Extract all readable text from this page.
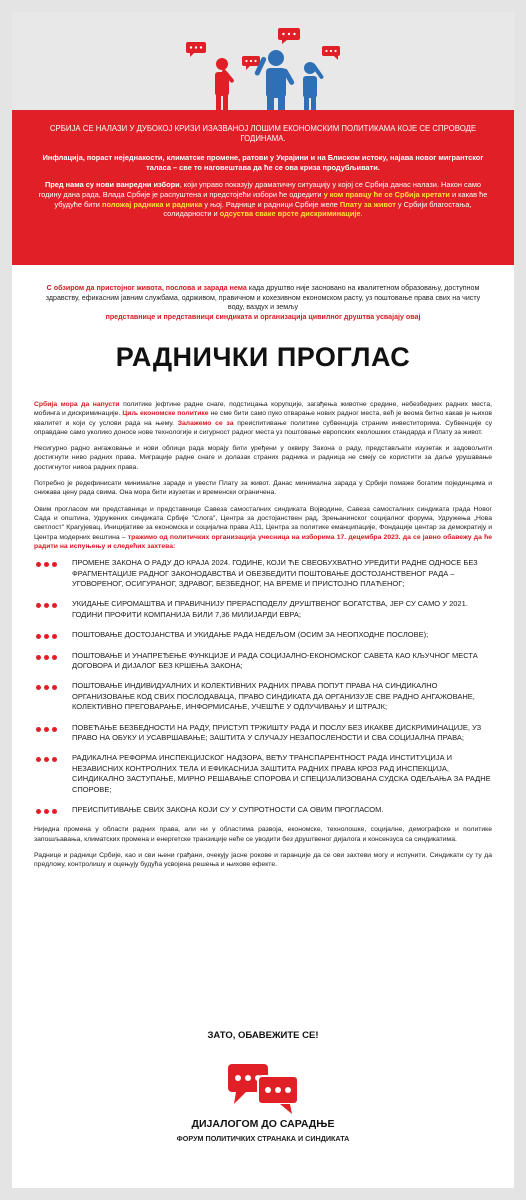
СРБИЈА СЕ НАЛАЗИ У ДУБОКОЈ КРИЗИ ИЗАЗВАНОЈ ЛОШИМ ЕКОНОМСКИМ ПОЛИТИКАМА КОЈЕ СЕ СПРОВОДЕ ГОДИНАМА.

Инфлација, пораст неједнакости, климатске промене, ратови у Украјини и на Блиском истоку, најава новог мигрантског таласа – све то наговештава да ће се ова криза продубљивати.

Пред нама су нови ванредни избори, који управо показују драматичну ситуацију у којој се Србија данас налази. Након само годину дана рада, Влада Србије је распуштена и предстојећи избори ће одредити у ком правцу ће се Србија кретати и какав ће убудуће бити положај радника и радника у њој. Раднице и радници Србије желе Плату за живот у Србији благостања, солидарности и одсуства сваке врсте дискриминације.

С обзиром да пристојног живота, послова и зарада нема када друштво није засновано на квалитетном образовању, доступном здравству, ефикасним јавним службама, одрживом, правичном и кохезивном економском расту, уз поштовање права свих на чисту воду, ваздух и земљу
представнице и представници синдиката и организација цивилног друштва усвајају овај
РАДНИЧКИ ПРОГЛАС

Србија мора да напусти политике јефтине радне снаге, подстицања корупције, загађења животне средине, небезбедних радних места, мобинга и дискриминације. Циљ економске политике не сме бити само пуко отварање нових радног места, већ је веома битно какав је њихов квалитет и који су услови рада на њему. Залажемо се за преиспитивање политике субвенција страним инвеститорима. Субвенције су оправдане само уколико доносе нове технологије и сигурност радног места уз поштовање европских еколошких стандарда и Плату за живот.

Несигурно радно ангажовање и нови облици рада морају бити уређени у оквиру Закона о раду, представљати изузетак и задовољити достигнути ниво радних права. Миграције радне снаге и долазак страних радника и радница не смеју се користити за даље урушавање достигнутог нивоа радних права.

Потребно је редефинисати минималне зараде и увести Плату за живот. Данас минимална зарада у Србији помаже богатим појединцима и снижава цену рада свима. Она мора бити изузетак и временски ограничена.

Овим прогласом ми представници и представнице Савеза самосталних синдиката Војводине, Савеза самосталних синдиката града Новог Сада и општина, Удружених синдиката Србије "Слога", Центра за достојанствен рад, Зрењанинског социјалног форума, Удружења „Нова светлост" Крагујевац, Иницијативе за економска и социјална права А11, Центра за политике еманципације, Фондације центар за демократију и Центра модерних вештина – тражимо од политичких организација учесница на изборима 17. децембра 2023. да се јавно обавежу да ће радити на испуњењу и следећих захтева:

ПРОМЕНЕ ЗАКОНА О РАДУ ДО КРАЈА 2024. ГОДИНЕ, КОЈИ ЋЕ СВЕОБУХВАТНО УРЕДИТИ РАДНЕ ОДНОСЕ БЕЗ ФРАГМЕНТАЦИЈЕ РАДНОГ ЗАКОНОДАВСТВА И ОБЕЗБЕДИТИ ПОШТОВАЊЕ ДОСТОЈАНСТВЕНОГ РАДА – УГОВОРЕНОГ, ОСИГУРАНОГ, ЗДРАВОГ, БЕЗБЕДНОГ, НА ВРЕМЕ И ПРИСТОЈНО ПЛАЋЕНОГ;
УКИДАЊЕ СИРОМАШТВА И ПРАВИЧНИЈУ ПРЕРАСПОДЕЛУ ДРУШТВЕНОГ БОГАТСТВА, ЈЕР СУ САМО У 2021. ГОДИНИ ПРОФИТИ КОМПАНИЈА БИЛИ 7,36 МИЛИЈАРДИ ЕВРА;
ПОШТОВАЊЕ ДОСТОЈАНСТВА И УКИДАЊЕ РАДА НЕДЕЉОМ (ОСИМ ЗА НЕОПХОДНЕ ПОСЛОВЕ);
ПОШТОВАЊЕ И УНАПРЕЂЕЊЕ ФУНКЦИЈЕ И РАДА СОЦИЈАЛНО-ЕКОНОМСКОГ САВЕТА КАО КЉУЧНОГ МЕСТА ДОГОВОРА И ДИЈАЛОГ БЕЗ КРШЕЊА ЗАКОНА;
ПОШТОВАЊЕ ИНДИВИДУАЛНИХ И КОЛЕКТИВНИХ РАДНИХ ПРАВА ПОПУТ ПРАВА НА СИНДИКАЛНО ОРГАНИЗОВАЊЕ КОД СВИХ ПОСЛОДАВАЦА, ПРАВО СИНДИКАТА ДА ОРГАНИЗУЈЕ СВЕ РАДНО АНГАЖОВАНЕ, КОЛЕКТИВНО ПРЕГОВАРАЊЕ, ИНФОРМИСАЊЕ, УЧЕШЋЕ У ОДЛУЧИВАЊУ И ШТРАЈК;
ПОВЕЋАЊЕ БЕЗБЕДНОСТИ НА РАДУ, ПРИСТУП ТРЖИШТУ РАДА И ПОСЛУ БЕЗ ИКАКВЕ ДИСКРИМИНАЦИЈЕ, УЗ ПРАВО НА ОБУКУ И УСАВРШАВАЊЕ; ЗАШТИТА У СЛУЧАЈУ НЕЗАПОСЛЕНОСТИ И СВА СОЦИЈАЛНА ПРАВА;
РАДИКАЛНА РЕФОРМА ИНСПЕКЦИЈСКОГ НАДЗОРА, ВЕЋУ ТРАНСПАРЕНТНОСТ РАДА ИНСТИТУЦИЈА И НЕЗАВИСНИХ КОНТРОЛНИХ ТЕЛА И ЕФИКАСНИЈА ЗАШТИТА РАДНИХ ПРАВА КРОЗ РАД ИНСПЕКЦИЈА, СИНДИКАЛНО ЗАСТУПАЊЕ, МИРНО РЕШАВАЊЕ СПОРОВА И СПЕЦИЈАЛИЗОВАНА СУДСКА ОДЕЉАЊА ЗА РАДНЕ СПОРОВЕ;
ПРЕИСПИТИВАЊЕ СВИХ ЗАКОНА КОЈИ СУ У СУПРОТНОСТИ СА ОВИМ ПРОГЛАСОМ.

Ниједна промена у области радних права, али ни у областима развоја, економске, технолошке, социјалне, демографске и политике запошљавања, климатских промена и енергетске транзиције неће се увoдити без друштвеног дијалога и консензуса са синдикатима.

Раднице и радници Србије, као и сви њени грађани, очекују јасне рокове и гаранције да се ови захтеви могу и испунити. Синдикати су ту да предложу, контролишу и оцењују будућа усвојена решења и њихове ефекте.

ЗАТО, ОБАВЕЖИТЕ СЕ!
ДИЈАЛОГОМ ДО САРАДЊЕ
ФОРУМ ПОЛИТИЧКИХ СТРАНАКА И СИНДИКАТА
